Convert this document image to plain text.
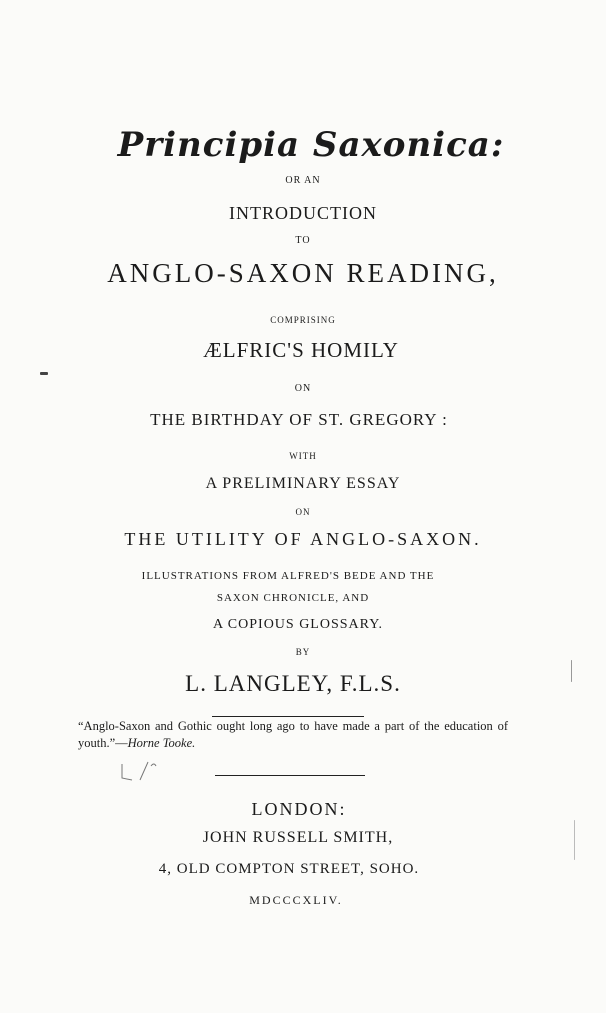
Principia Saxonica:
OR AN
INTRODUCTION
TO
ANGLO-SAXON READING,
COMPRISING
ÆLFRIC'S HOMILY
ON
THE BIRTHDAY OF ST. GREGORY :
WITH
A PRELIMINARY ESSAY
ON
THE UTILITY OF ANGLO-SAXON.
ILLUSTRATIONS FROM ALFRED'S BEDE AND THE
SAXON CHRONICLE, AND
A COPIOUS GLOSSARY.
BY
L. LANGLEY, F.L.S.
“Anglo-Saxon and Gothic ought long ago to have made a part of the education of youth.”—Horne Tooke.
LONDON:
JOHN RUSSELL SMITH,
4, OLD COMPTON STREET, SOHO.
MDCCCXLIV.
